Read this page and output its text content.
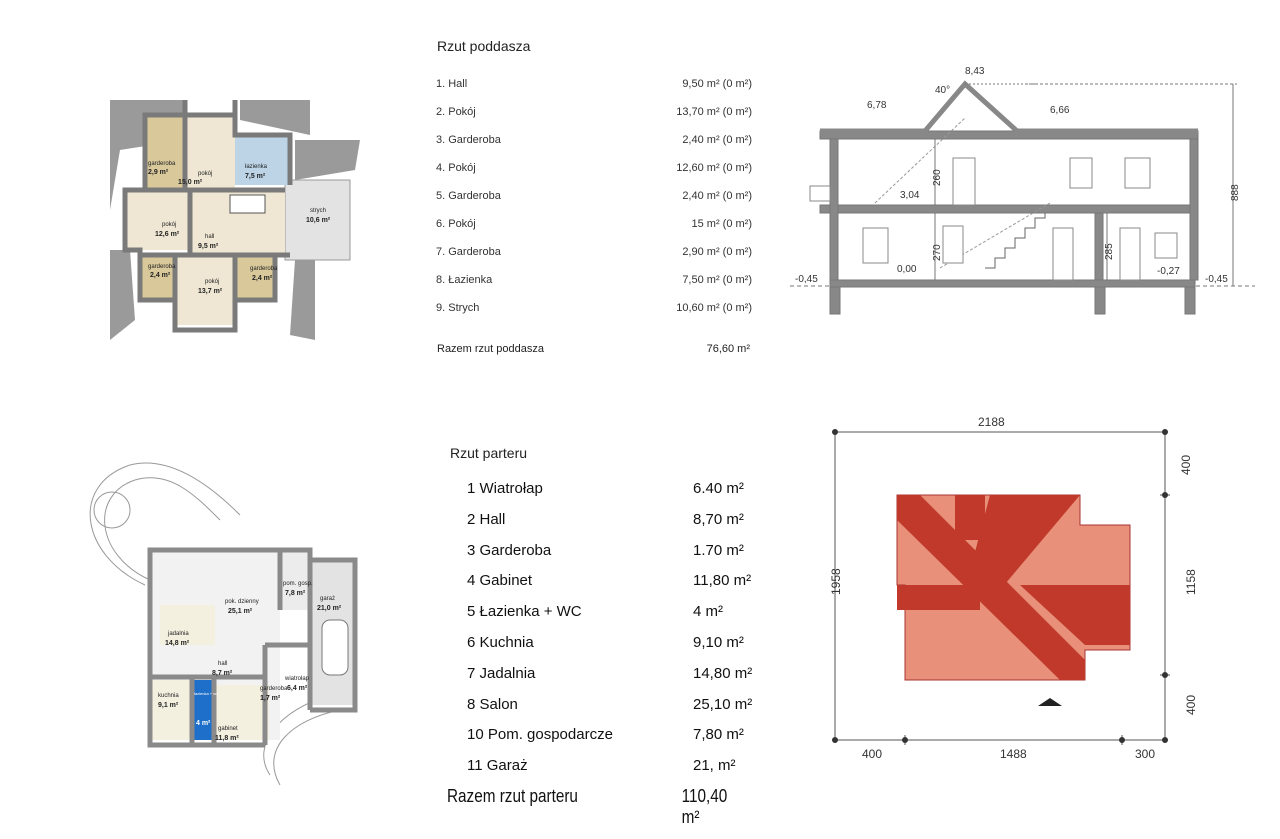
garderoba
2,9 m²	pokój
15,0 m²
łazienka
7,5 m²
strych
10,6 m²
pokój
12,6 m²	hall
9,5 m²
garderoba
2,4 m²
pokój
13,7 m²
garderoba
2,4 m²
Rzut poddasza
1. Hall	9,50 m² (0 m²)
2. Pokój	13,70 m² (0 m²)
3. Garderoba	2,40 m² (0 m²)
4. Pokój	12,60 m² (0 m²)
5. Garderoba	2,40 m² (0 m²)
6. Pokój	15 m² (0 m²)
7. Garderoba	2,90 m² (0 m²)
8. Łazienka	7,50 m² (0 m²)
9. Strych	10,60 m² (0 m²)
Razem rzut poddasza	76,60 m²
8,43
40°
6,78	6,66
3,04
0,00
-0,45
-0,27
-0,45
260
270	285
888
pok. dzienny
25,1 m²
pom. gosp.
7,8 m²
garaż
21,0 m²
jadalnia
14,8 m²
hall
8,7 m²
kuchnia
9,1 m²
łazienka + wc
4 m²
garderoba
1,7 m²
wiatrołap
6,4 m²
gabinet
11,8 m²
Rzut parteru
1 Wiatrołap	6.40 m²
2 Hall	8,70 m²
3 Garderoba	1.70 m²
4 Gabinet	11,80 m²
5 Łazienka + WC	4 m²
6 Kuchnia	9,10 m²
7 Jadalnia	14,80 m²
8 Salon	25,10 m²
10 Pom. gospodarcze	7,80 m²
11 Garaż	21, m²
Razem rzut parteru	110,40 m²
2188
1958
400
1158
400
400	1488	300
